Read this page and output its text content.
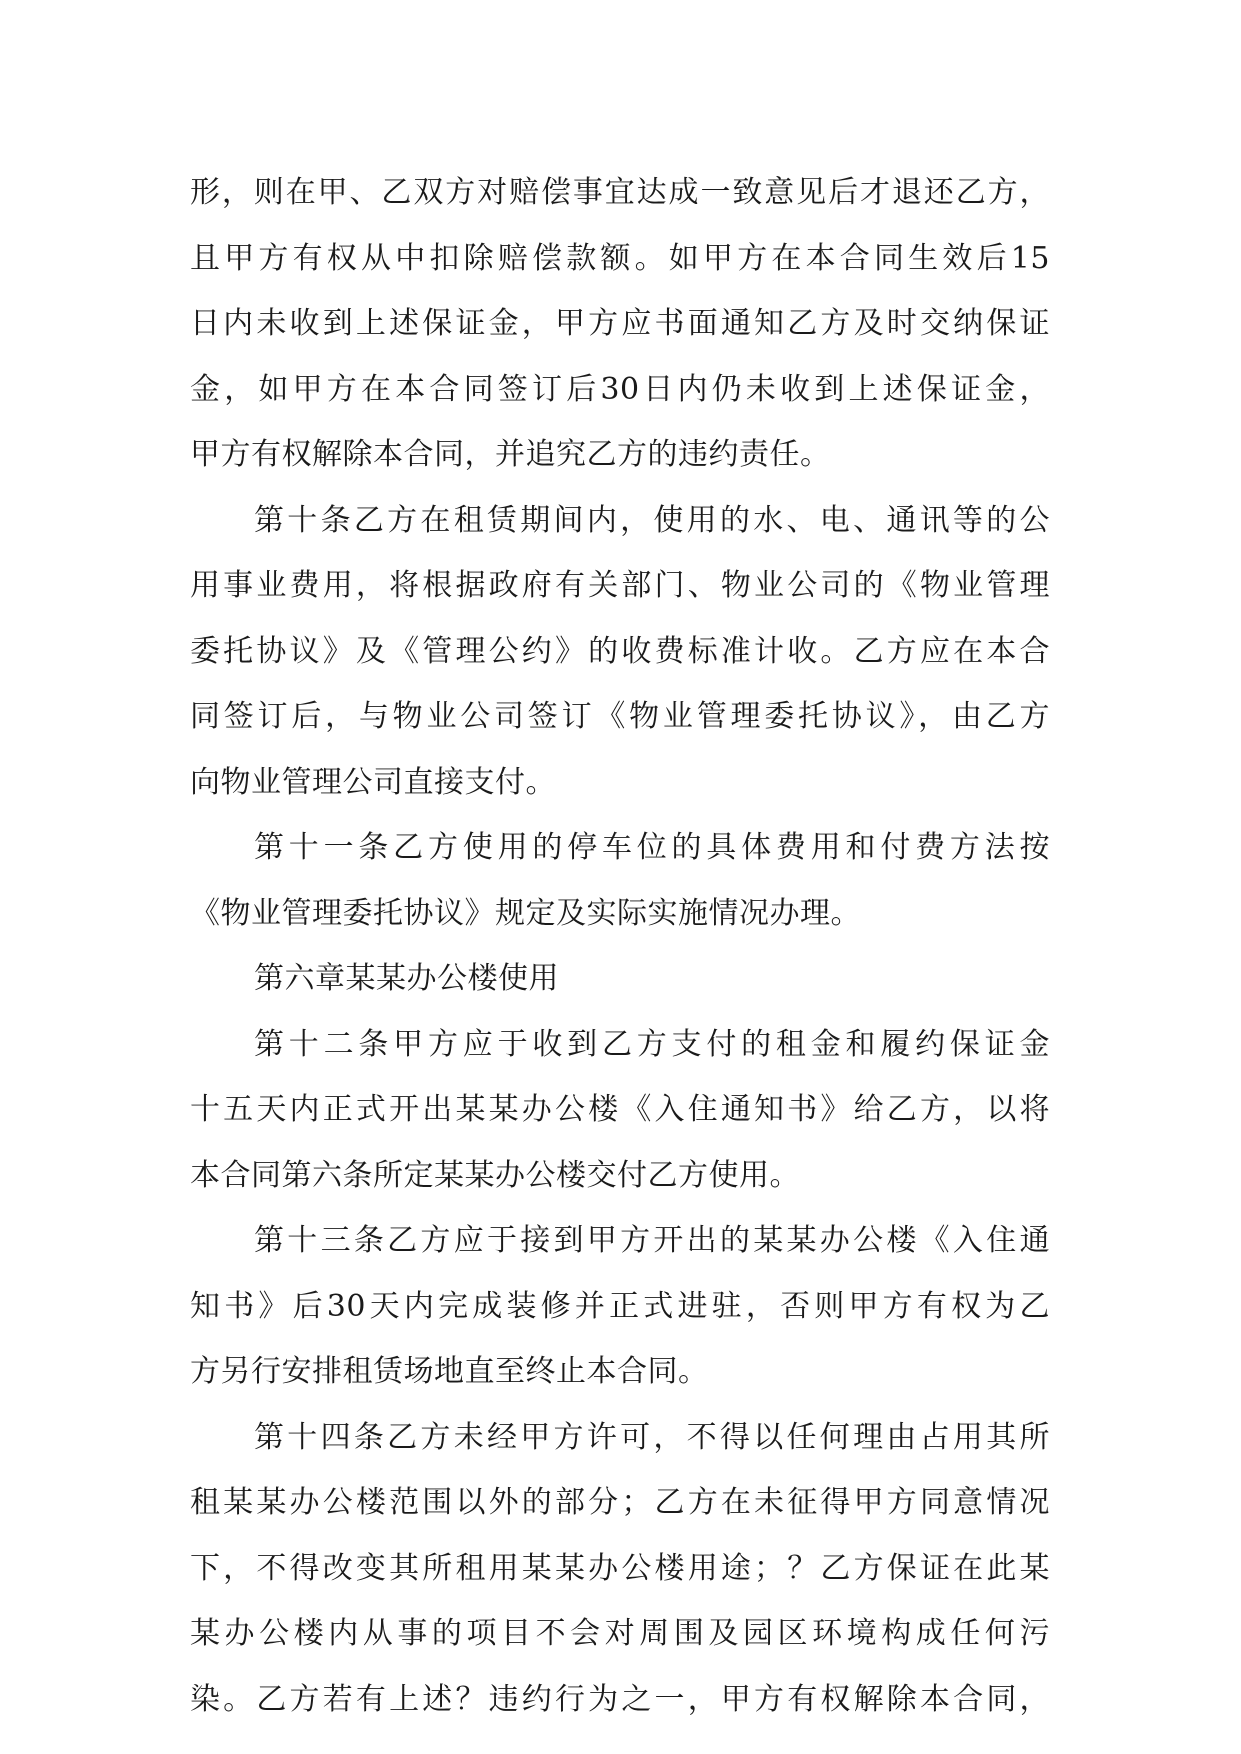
形，则在甲、乙双方对赔偿事宜达成一致意见后才退还乙方，
且甲方有权从中扣除赔偿款额。如甲方在本合同生效后15
日内未收到上述保证金，甲方应书面通知乙方及时交纳保证
金，如甲方在本合同签订后30日内仍未收到上述保证金，
甲方有权解除本合同，并追究乙方的违约责任。
第十条乙方在租赁期间内，使用的水、电、通讯等的公
用事业费用，将根据政府有关部门、物业公司的《物业管理
委托协议》及《管理公约》的收费标准计收。乙方应在本合
同签订后，与物业公司签订《物业管理委托协议》，由乙方
向物业管理公司直接支付。
第十一条乙方使用的停车位的具体费用和付费方法按
《物业管理委托协议》规定及实际实施情况办理。
第六章某某办公楼使用
第十二条甲方应于收到乙方支付的租金和履约保证金
十五天内正式开出某某办公楼《入住通知书》给乙方，以将
本合同第六条所定某某办公楼交付乙方使用。
第十三条乙方应于接到甲方开出的某某办公楼《入住通
知书》后30天内完成装修并正式进驻，否则甲方有权为乙
方另行安排租赁场地直至终止本合同。
第十四条乙方未经甲方许可，不得以任何理由占用其所
租某某办公楼范围以外的部分；乙方在未征得甲方同意情况
下，不得改变其所租用某某办公楼用途；？乙方保证在此某
某办公楼内从事的项目不会对周围及园区环境构成任何污
染。乙方若有上述？违约行为之一，甲方有权解除本合同，
